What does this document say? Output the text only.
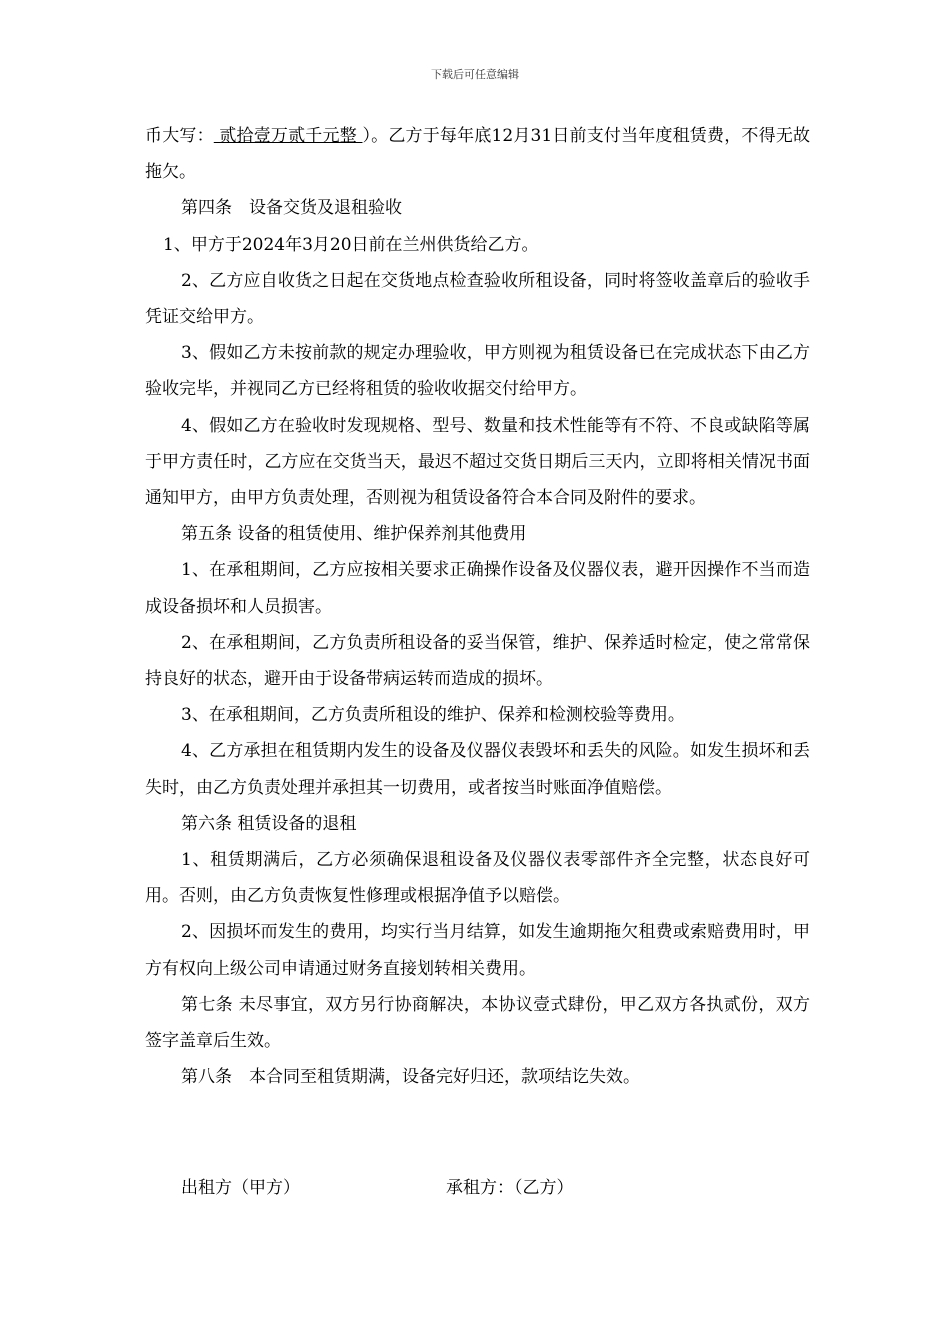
下载后可任意编辑

币大写： 贰拾壹万贰千元整 ）。乙方于每年底12月31日前支付当年度租赁费，不得无故拖欠。

第四条　设备交货及退租验收

1、甲方于2024年3月20日前在兰州供货给乙方。

2、乙方应自收货之日起在交货地点检查验收所租设备，同时将签收盖章后的验收手凭证交给甲方。

3、假如乙方未按前款的规定办理验收，甲方则视为租赁设备已在完成状态下由乙方验收完毕，并视同乙方已经将租赁的验收收据交付给甲方。

4、假如乙方在验收时发现规格、型号、数量和技术性能等有不符、不良或缺陷等属于甲方责任时，乙方应在交货当天，最迟不超过交货日期后三天内，立即将相关情况书面通知甲方，由甲方负责处理，否则视为租赁设备符合本合同及附件的要求。

第五条 设备的租赁使用、维护保养剂其他费用

1、在承租期间，乙方应按相关要求正确操作设备及仪器仪表，避开因操作不当而造成设备损坏和人员损害。

2、在承租期间，乙方负责所租设备的妥当保管，维护、保养适时检定，使之常常保持良好的状态，避开由于设备带病运转而造成的损坏。

3、在承租期间，乙方负责所租设的维护、保养和检测校验等费用。

4、乙方承担在租赁期内发生的设备及仪器仪表毁坏和丢失的风险。如发生损坏和丢失时，由乙方负责处理并承担其一切费用，或者按当时账面净值赔偿。

第六条 租赁设备的退租

1、租赁期满后，乙方必须确保退租设备及仪器仪表零部件齐全完整，状态良好可用。否则，由乙方负责恢复性修理或根据净值予以赔偿。

2、因损坏而发生的费用，均实行当月结算，如发生逾期拖欠租费或索赔费用时，甲方有权向上级公司申请通过财务直接划转相关费用。

第七条 未尽事宜，双方另行协商解决，本协议壹式肆份，甲乙双方各执贰份，双方签字盖章后生效。

第八条　本合同至租赁期满，设备完好归还，款项结讫失效。

出租方（甲方）	承租方：（乙方）
